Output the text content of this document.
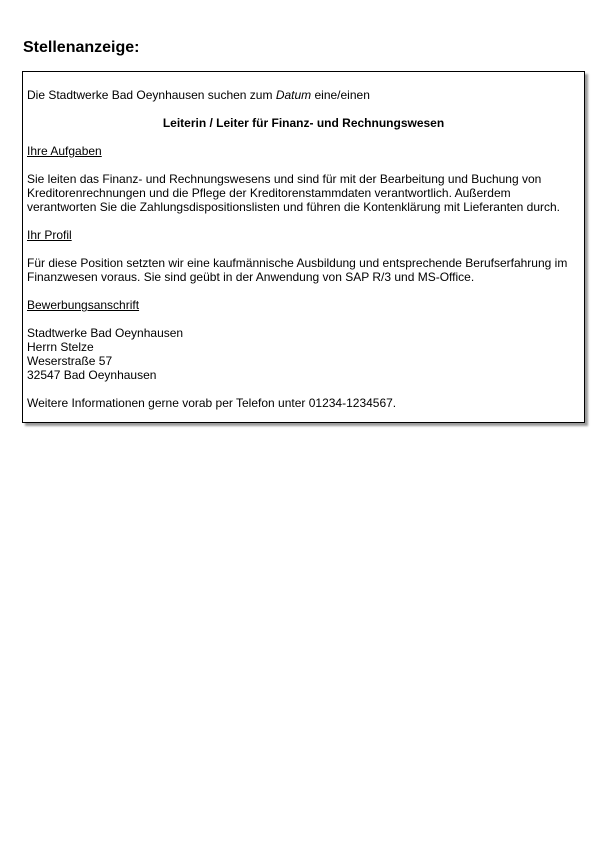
Stellenanzeige:

Die Stadtwerke Bad Oeynhausen suchen zum Datum eine/einen

Leiterin / Leiter für Finanz- und Rechnungswesen

Ihre Aufgaben

Sie leiten das Finanz- und Rechnungswesens und sind für mit der Bearbeitung und Buchung von Kreditorenrechnungen und die Pflege der Kreditorenstammdaten verantwortlich. Außerdem verantworten Sie die Zahlungsdispositionslisten und führen die Kontenklärung mit Lieferanten durch.

Ihr Profil

Für diese Position setzten wir eine kaufmännische Ausbildung und entsprechende Berufserfahrung im Finanzwesen voraus. Sie sind geübt in der Anwendung von SAP R/3 und MS-Office.

Bewerbungsanschrift

Stadtwerke Bad Oeynhausen
Herrn Stelze
Weserstraße 57
32547 Bad Oeynhausen

Weitere Informationen gerne vorab per Telefon unter 01234-1234567.
